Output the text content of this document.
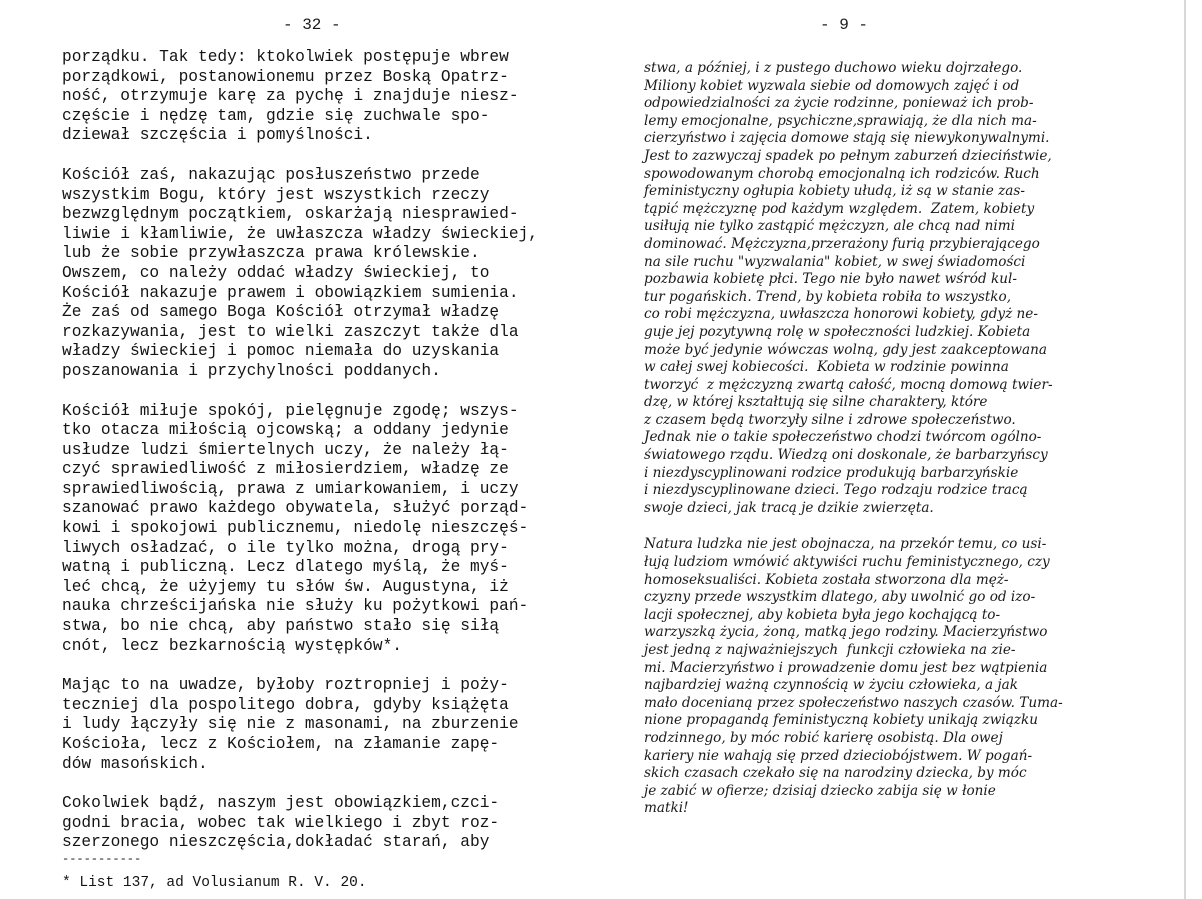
- 32 -
porządku. Tak tedy: ktokolwiek postępuje wbrew
porządkowi, postanowionemu przez Boską Opatrz-
ność, otrzymuje karę za pychę i znajduje niesz-
częście i nędzę tam, gdzie się zuchwale spo-
dziewał szczęścia i pomyślności.
Kościół zaś, nakazując posłuszeństwo przede
wszystkim Bogu, który jest wszystkich rzeczy
bezwzględnym początkiem, oskarżają niesprawied-
liwie i kłamliwie, że uwłaszcza władzy świeckiej,
lub że sobie przywłaszcza prawa królewskie.
Owszem, co należy oddać władzy świeckiej, to
Kościół nakazuje prawem i obowiązkiem sumienia.
Że zaś od samego Boga Kościół otrzymał władzę
rozkazywania, jest to wielki zaszczyt także dla
władzy świeckiej i pomoc niemała do uzyskania
poszanowania i przychylności poddanych.
Kościół miłuje spokój, pielęgnuje zgodę; wszys-
tko otacza miłością ojcowską; a oddany jedynie
usłudze ludzi śmiertelnych uczy, że należy łą-
czyć sprawiedliwość z miłosierdziem, władzę ze
sprawiedliwością, prawa z umiarkowaniem, i uczy
szanować prawo każdego obywatela, służyć porząd-
kowi i spokojowi publicznemu, niedolę nieszczęś-
liwych osładzać, o ile tylko można, drogą pry-
watną i publiczną. Lecz dlatego myślą, że myś-
leć chcą, że użyjemy tu słów św. Augustyna, iż
nauka chrześcijańska nie służy ku pożytkowi pań-
stwa, bo nie chcą, aby państwo stało się siłą
cnót, lecz bezkarnością występków*.
Mając to na uwadze, byłoby roztropniej i poży-
teczniej dla pospolitego dobra, gdyby książęta
i ludy łączyły się nie z masonami, na zburzenie
Kościoła, lecz z Kościołem, na złamanie zapę-
dów masońskich.
Cokolwiek bądź, naszym jest obowiązkiem,czci-
godni bracia, wobec tak wielkiego i zbyt roz-
szerzonego nieszczęścia,dokładać starań, aby
-----------
* List 137, ad Volusianum R. V. 20.
- 9 -
stwa, a później, i z pustego duchowo wieku dojrzałego.
Miliony kobiet wyzwala siebie od domowych zajęć i od
odpowiedzialności za życie rodzinne, ponieważ ich prob-
lemy emocjonalne, psychiczne,sprawiają, że dla nich ma-
cierzyństwo i zajęcia domowe stają się niewykonywalnymi.
Jest to zazwyczaj spadek po pełnym zaburzeń dzieciństwie,
spowodowanym chorobą emocjonalną ich rodziców. Ruch
feministyczny ogłupia kobiety ułudą, iż są w stanie zas-
tąpić mężczyznę pod każdym względem.  Zatem, kobiety
usiłują nie tylko zastąpić mężczyzn, ale chcą nad nimi
dominować. Mężczyzna,przerażony furią przybierającego
na sile ruchu "wyzwalania" kobiet, w swej świadomości
pozbawia kobietę płci. Tego nie było nawet wśród kul-
tur pogańskich. Trend, by kobieta robiła to wszystko,
co robi mężczyzna, uwłaszcza honorowi kobiety, gdyż ne-
guje jej pozytywną rolę w społeczności ludzkiej. Kobieta
może być jedynie wówczas wolną, gdy jest zaakceptowana
w całej swej kobiecości.  Kobieta w rodzinie powinna
tworzyć  z mężczyzną zwartą całość, mocną domową twier-
dzę, w której kształtują się silne charaktery, które
z czasem będą tworzyły silne i zdrowe społeczeństwo.
Jednak nie o takie społeczeństwo chodzi twórcom ogólno-
światowego rządu. Wiedzą oni doskonale, że barbarzyńscy
i niezdyscyplinowani rodzice produkują barbarzyńskie
i niezdyscyplinowane dzieci. Tego rodzaju rodzice tracą
swoje dzieci, jak tracą je dzikie zwierzęta.
Natura ludzka nie jest obojnacza, na przekór temu, co usi-
łują ludziom wmówić aktywiści ruchu feministycznego, czy
homoseksualiści. Kobieta została stworzona dla męż-
czyzny przede wszystkim dlatego, aby uwolnić go od izo-
lacji społecznej, aby kobieta była jego kochającą to-
warzyszką życia, żoną, matką jego rodziny. Macierzyństwo
jest jedną z najważniejszych  funkcji człowieka na zie-
mi. Macierzyństwo i prowadzenie domu jest bez wątpienia
najbardziej ważną czynnością w życiu człowieka, a jak
mało docenianą przez społeczeństwo naszych czasów. Tuma-
nione propagandą feministyczną kobiety unikają związku
rodzinnego, by móc robić karierę osobistą. Dla owej
kariery nie wahają się przed dzieciobójstwem. W pogań-
skich czasach czekało się na narodziny dziecka, by móc
je zabić w ofierze; dzisiaj dziecko zabija się w łonie
matki!
